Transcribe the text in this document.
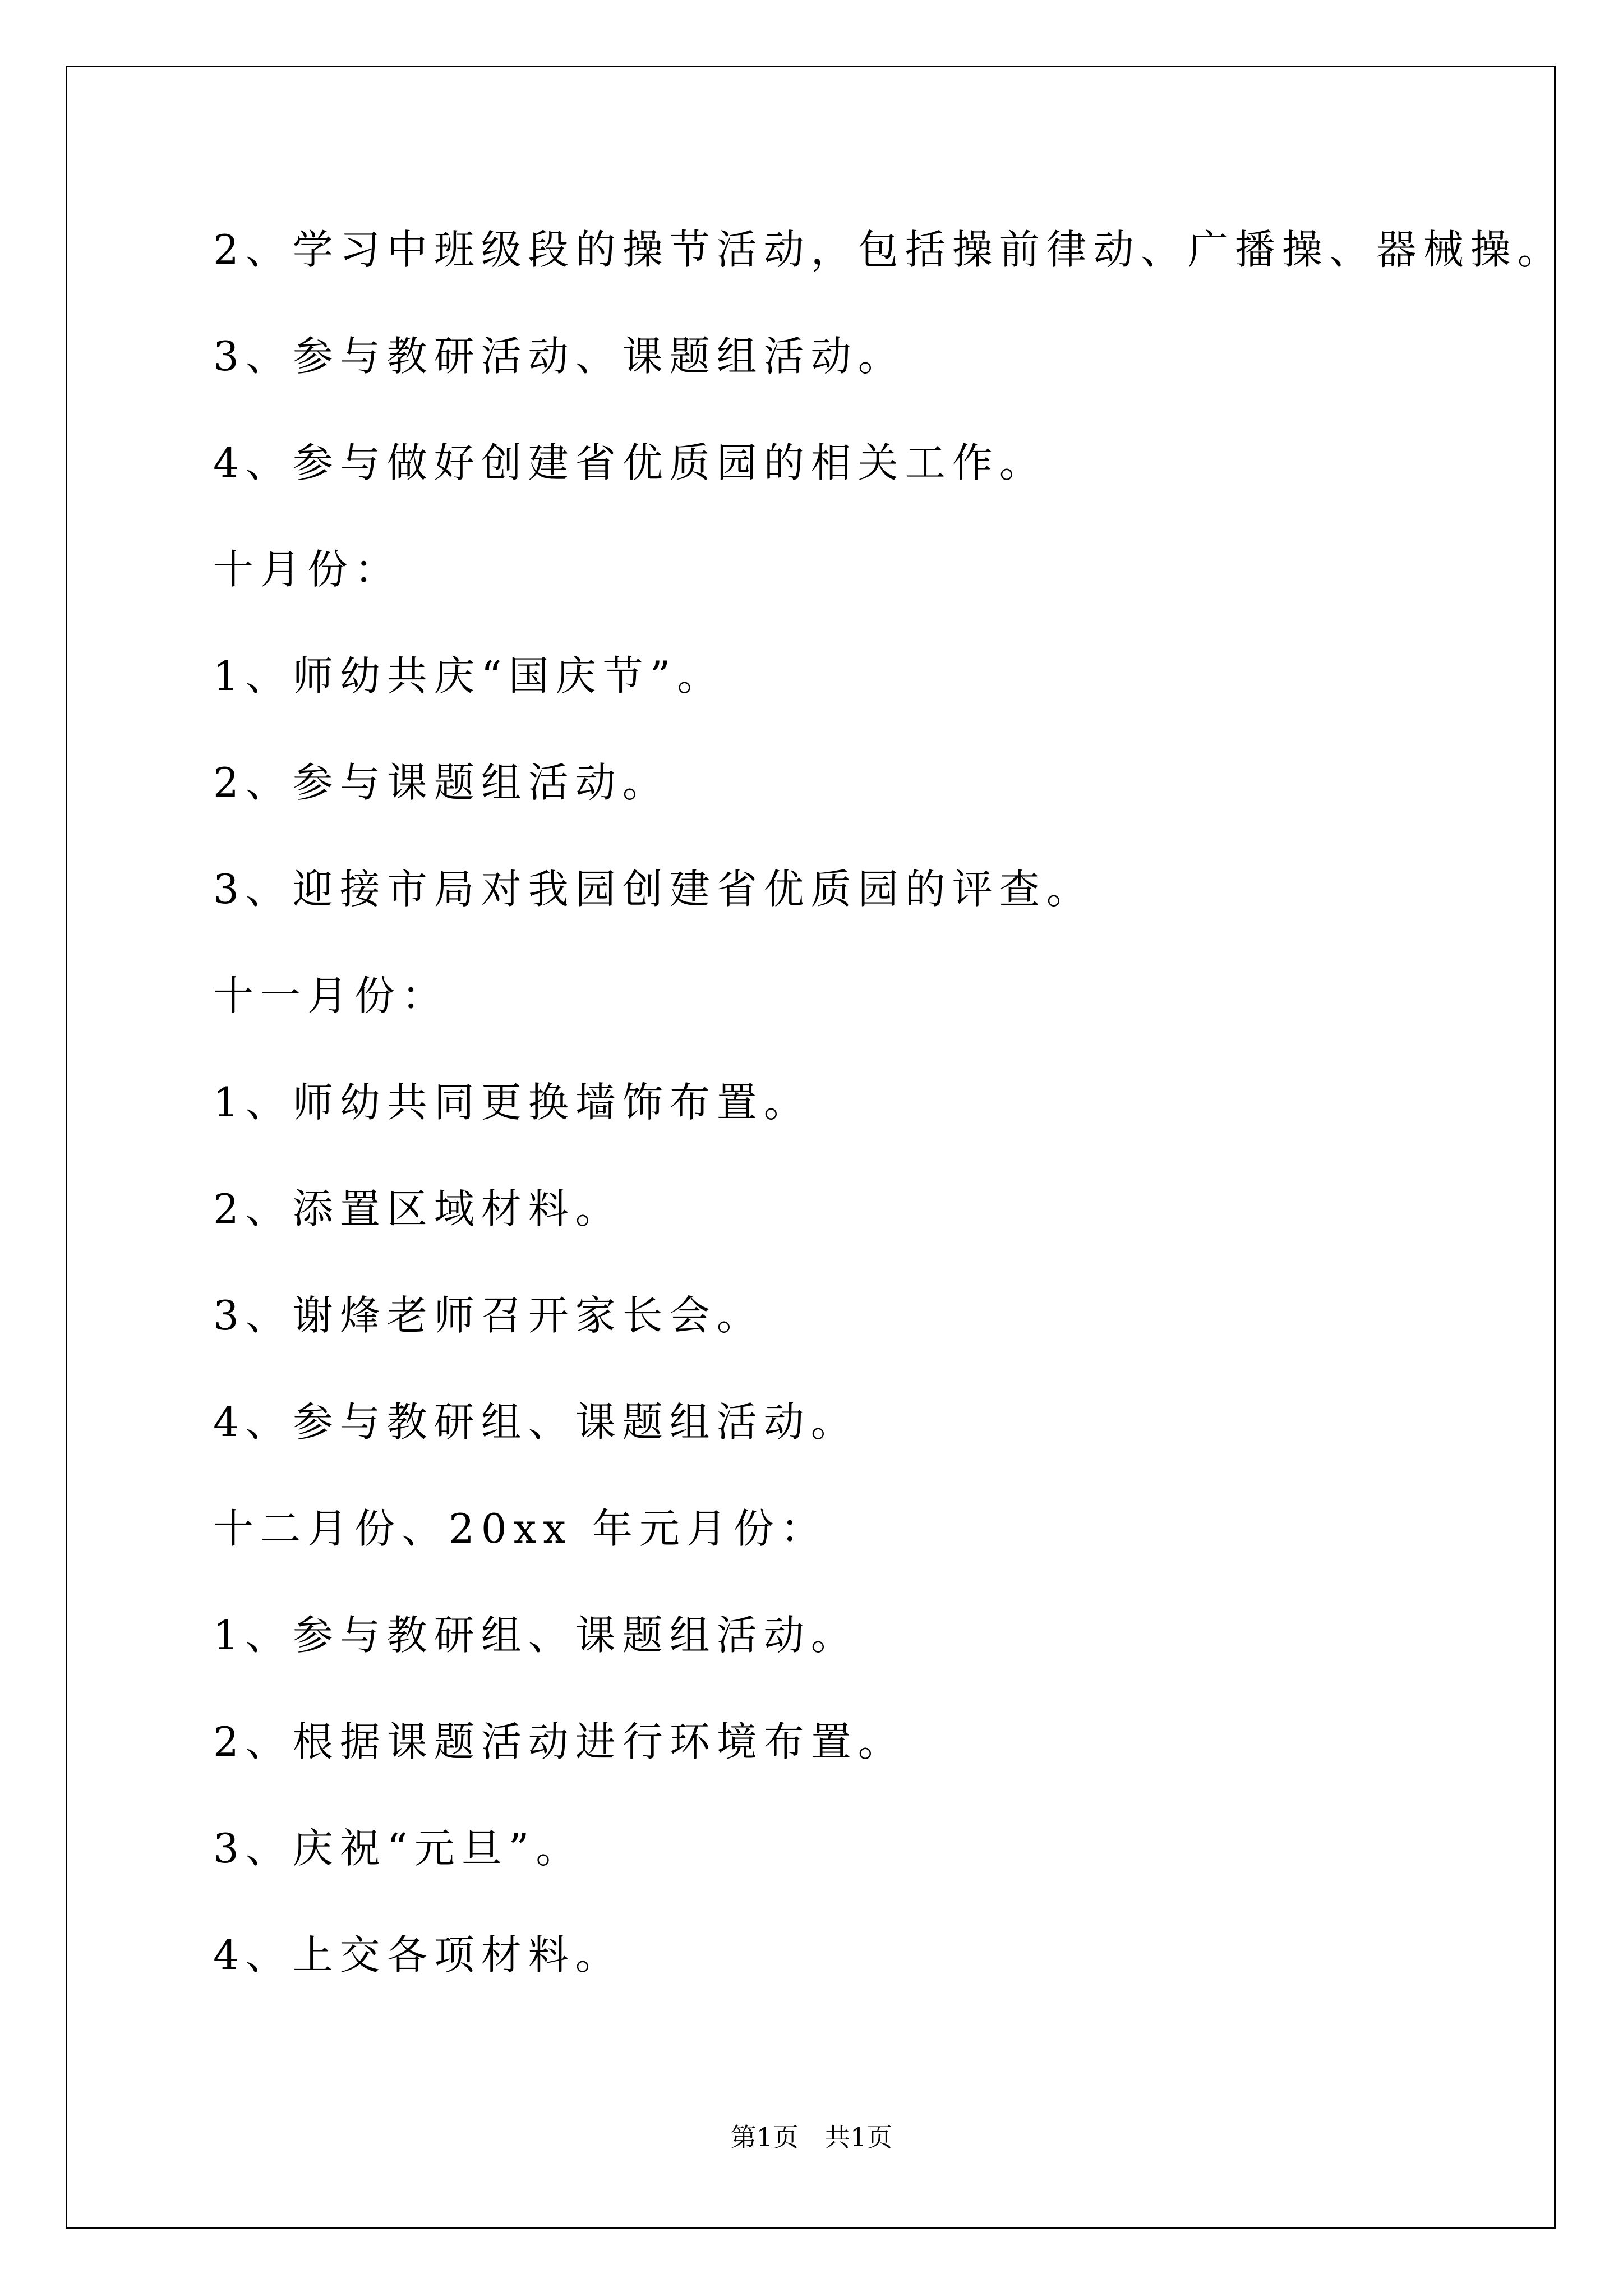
2、学习中班级段的操节活动，包括操前律动、广播操、器械操。
3、参与教研活动、课题组活动。
4、参与做好创建省优质园的相关工作。
十月份：
1、师幼共庆“国庆节”。
2、参与课题组活动。
3、迎接市局对我园创建省优质园的评查。
十一月份：
1、师幼共同更换墙饰布置。
2、添置区域材料。
3、谢烽老师召开家长会。
4、参与教研组、课题组活动。
十二月份、20xx 年元月份：
1、参与教研组、课题组活动。
2、根据课题活动进行环境布置。
3、庆祝“元旦”。
4、上交各项材料。
第1页　共1页
